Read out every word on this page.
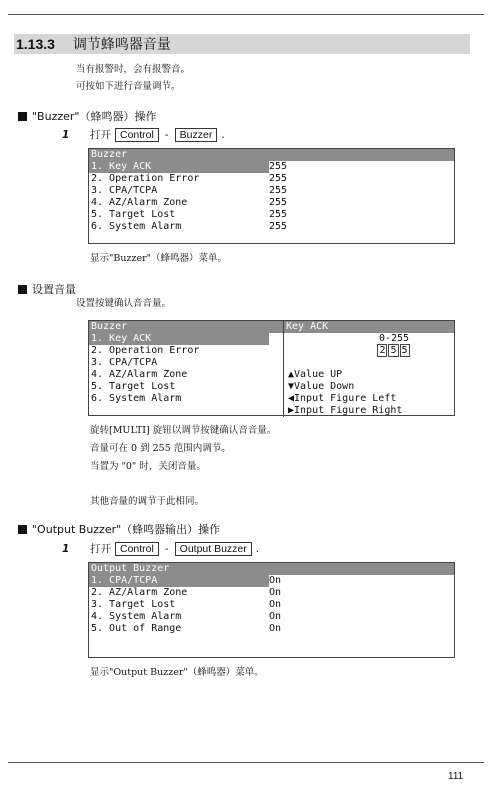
1.13.3 调节蜂鸣器音量
当有报警时，会有报警音。
可按如下进行音量调节。
"Buzzer"（蜂鸣器）操作
1	打开 Control	-	Buzzer .
Buzzer
1. Key ACK	255
2. Operation Error	255
3. CPA/TCPA	255
4. AZ/Alarm Zone	255
5. Target Lost	255
6. System Alarm	255
显示"Buzzer"（蜂鸣器）菜单。
设置音量
设置按键确认音音量。
Buzzer
1. Key ACK
2. Operation Error
3. CPA/TCPA
4. AZ/Alarm Zone
5. Target Lost
6. System Alarm
Key ACK
0-255
2 5 5
▲Value UP
▼Value Down
◀Input Figure Left
▶Input Figure Right
旋转[MULTI] 旋钮以调节按键确认音音量。
音量可在 0 到 255 范围内调节。
当置为 "0" 时，关闭音量。
其他音量的调节于此相同。
"Output Buzzer"（蜂鸣器输出）操作
1	打开 Control	-	Output Buzzer .
Output Buzzer
1. CPA/TCPA	On
2. AZ/Alarm Zone	On
3. Target Lost	On
4. System Alarm	On
5. Out of Range	On
显示"Output Buzzer"（蜂鸣器）菜单。
111
